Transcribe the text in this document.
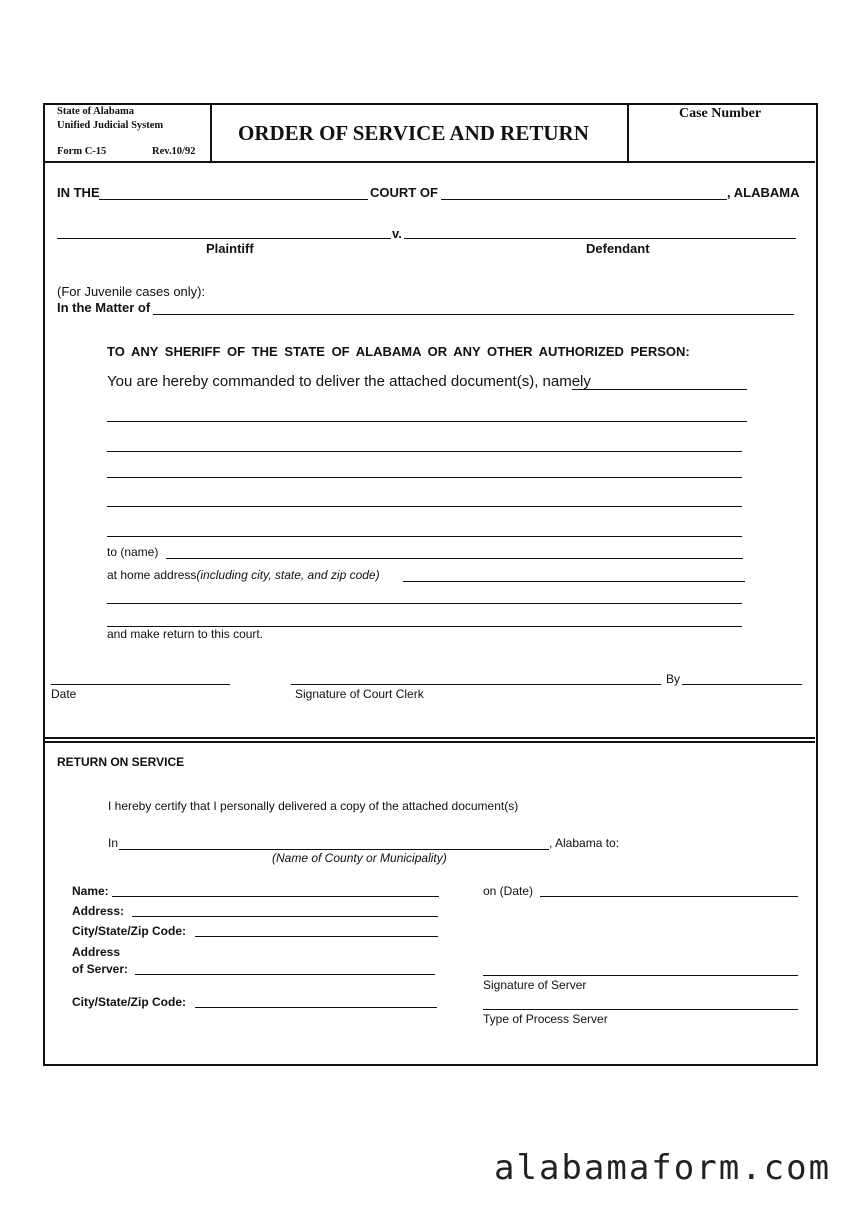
State of Alabama
Unified Judicial System
Form C-15	Rev.10/92
ORDER OF SERVICE AND RETURN
Case Number
IN THE	COURT OF	, ALABAMA
v.
Plaintiff	Defendant
(For Juvenile cases only):
In the Matter of
TO ANY SHERIFF OF THE STATE OF ALABAMA OR ANY OTHER AUTHORIZED PERSON:
You are hereby commanded to deliver the attached document(s), namely
to (name)
at home address(including city, state, and zip code)
and make return to this court.
Date	Signature of Court Clerk
By
RETURN ON SERVICE
I hereby certify that I personally delivered a copy of the attached document(s)
In	, Alabama to:
(Name of County or Municipality)
Name:
Address:
City/State/Zip Code:
Address
of Server:
City/State/Zip Code:
on (Date)
Signature of Server
Type of Process Server
alabamaform.com
